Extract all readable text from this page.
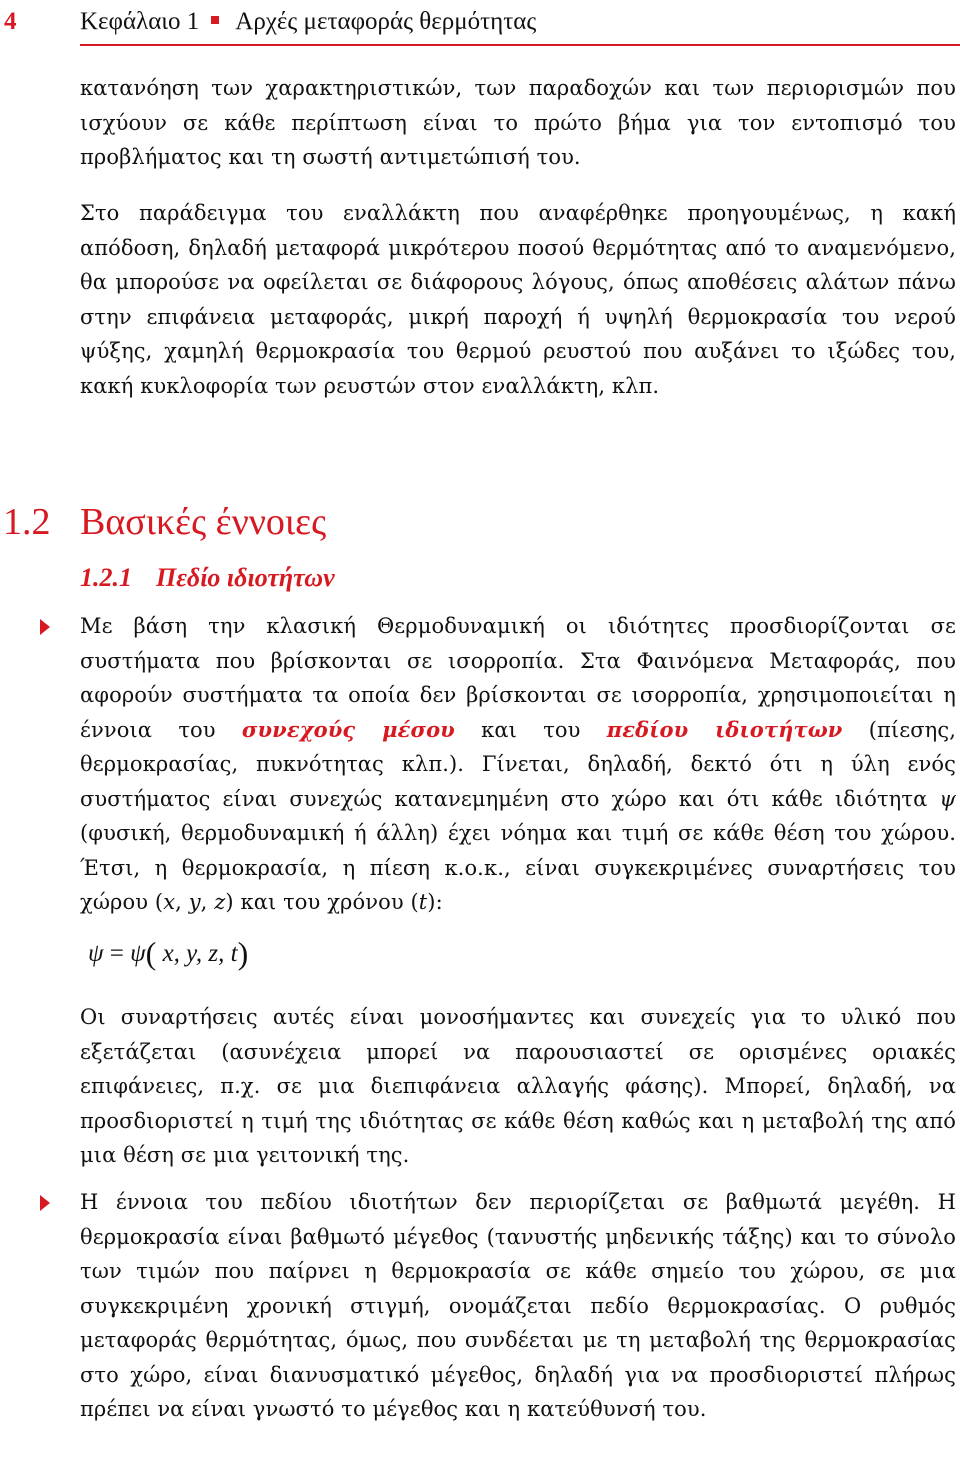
4	Κεφάλαιο 1 Αρχές μεταφοράς θερμότητας

κατανόηση των χαρακτηριστικών, των παραδοχών και των περιορισμών που ισχύουν σε κάθε περίπτωση είναι το πρώτο βήμα για τον εντοπισμό του προβλήματος και τη σωστή αντιμετώπισή του.

Στο παράδειγμα του εναλλάκτη που αναφέρθηκε προηγουμένως, η κακή απόδοση, δηλαδή μεταφορά μικρότερου ποσού θερμότητας από το αναμενόμενο, θα μπορούσε να οφείλεται σε διάφορους λόγους, όπως αποθέσεις αλάτων πάνω στην επιφάνεια μεταφοράς, μικρή παροχή ή υψηλή θερμοκρασία του νερού ψύξης, χαμηλή θερμοκρασία του θερμού ρευστού που αυξάνει το ιξώδες του, κακή κυκλοφορία των ρευστών στον εναλλάκτη, κλπ.

1.2 Βασικές έννοιες
1.2.1 Πεδίο ιδιοτήτων

Με βάση την κλασική Θερμοδυναμική οι ιδιότητες προσδιορίζονται σε συστήματα που βρίσκονται σε ισορροπία. Στα Φαινόμενα Μεταφοράς, που αφορούν συστήματα τα οποία δεν βρίσκονται σε ισορροπία, χρησιμοποιείται η έννοια του συνεχούς μέσου και του πεδίου ιδιοτήτων (πίεσης, θερμοκρασίας, πυκνότητας κλπ.). Γίνεται, δηλαδή, δεκτό ότι η ύλη ενός συστήματος είναι συνεχώς κατανεμημένη στο χώρο και ότι κάθε ιδιότητα ψ (φυσική, θερμοδυναμική ή άλλη) έχει νόημα και τιμή σε κάθε θέση του χώρου. Έτσι, η θερμοκρασία, η πίεση κ.ο.κ., είναι συγκεκριμένες συναρτήσεις του χώρου (x, y, z) και του χρόνου (t):

ψ = ψ( x, y, z, t)

Οι συναρτήσεις αυτές είναι μονοσήμαντες και συνεχείς για το υλικό που εξετάζεται (ασυνέχεια μπορεί να παρουσιαστεί σε ορισμένες οριακές επιφάνειες, π.χ. σε μια διεπιφάνεια αλλαγής φάσης). Μπορεί, δηλαδή, να προσδιοριστεί η τιμή της ιδιότητας σε κάθε θέση καθώς και η μεταβολή της από μια θέση σε μια γειτονική της.

Η έννοια του πεδίου ιδιοτήτων δεν περιορίζεται σε βαθμωτά μεγέθη. Η θερμοκρασία είναι βαθμωτό μέγεθος (τανυστής μηδενικής τάξης) και το σύνολο των τιμών που παίρνει η θερμοκρασία σε κάθε σημείο του χώρου, σε μια συγκεκριμένη χρονική στιγμή, ονομάζεται πεδίο θερμοκρασίας. Ο ρυθμός μεταφοράς θερμότητας, όμως, που συνδέεται με τη μεταβολή της θερμοκρασίας στο χώρο, είναι διανυσματικό μέγεθος, δηλαδή για να προσδιοριστεί πλήρως πρέπει να είναι γνωστό το μέγεθος και η κατεύθυνσή του.
